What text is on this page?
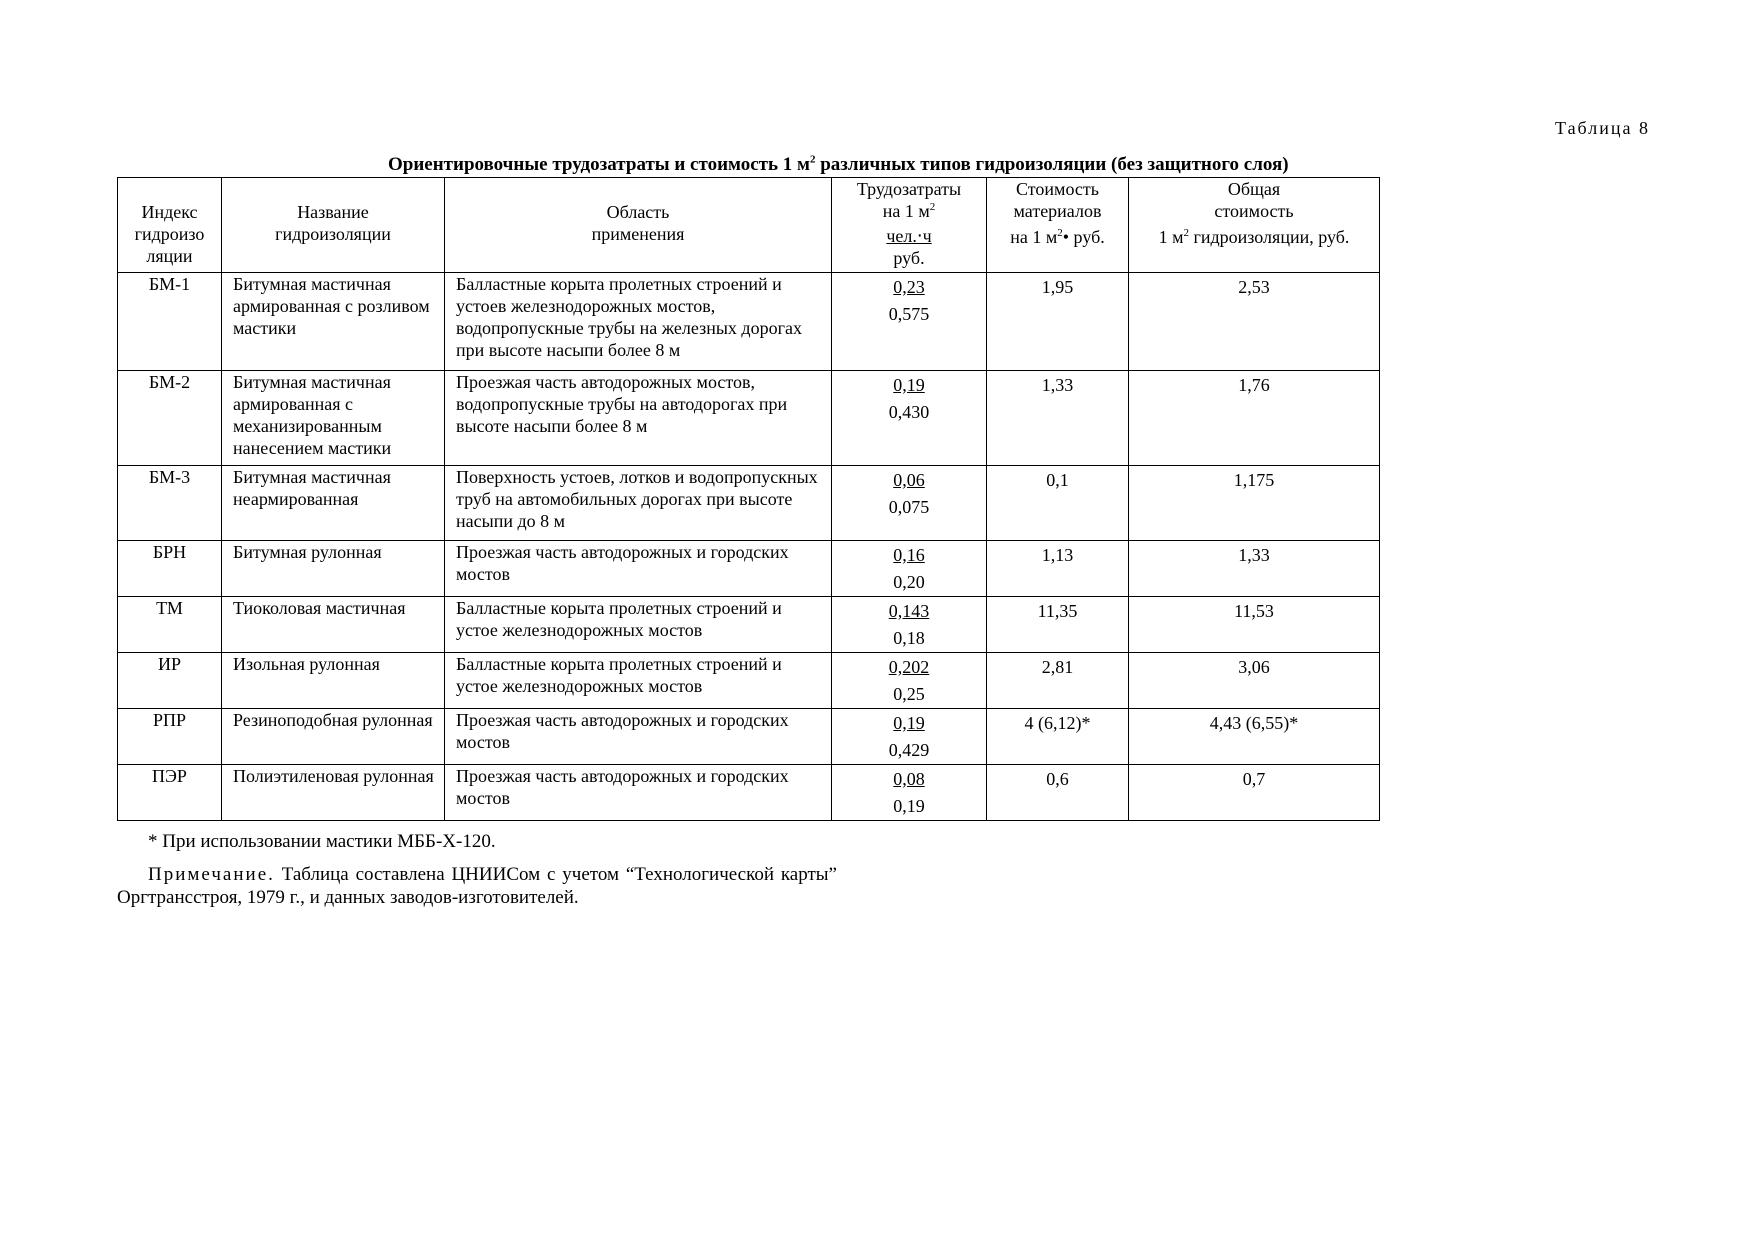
Таблица 8
Ориентировочные трудозатраты и стоимость 1 $м^2$ различных типов гидроизоляции (без защитного слоя)
Индекс
гидроизо
ляции	Название
гидроизоляции	Область
применения	Трудозатраты
на 1 $м^2$
чел.‧ч
руб.	Стоимость
материалов
на 1 $м^2•$ руб.	Общая
стоимость
1 $м^2$ гидроизоляции, руб.

БМ-1	Битумная мастичная армированная с розливом мастики	Балластные корыта пролетных строений и устоев железнодорожных мостов, водопропускные трубы на железных дорогах при высоте насыпи более 8 м	0,23
0,575	1,95	2,53

БМ-2	Битумная мастичная армированная с механизированным нанесением мастики	Проезжая часть автодорожных мостов, водопропускные трубы на автодорогах при высоте насыпи более 8 м	0,19
0,430	1,33	1,76

БМ-3	Битумная мастичная неармированная	Поверхность устоев, лотков и водопропускных труб на автомобильных дорогах при высоте насыпи до 8 м	0,06
0,075	0,1	1,175

БРН	Битумная рулонная	Проезжая часть автодорожных и городских мостов	0,16
0,20	1,13	1,33

ТМ	Тиоколовая мастичная	Балластные корыта пролетных строений и устое железнодорожных мостов	0,143
0,18	11,35	11,53

ИР	Изольная рулонная	Балластные корыта пролетных строений и устое железнодорожных мостов	0,202
0,25	2,81	3,06

РПР	Резиноподобная рулонная	Проезжая часть автодорожных и городских мостов	0,19
0,429	4 (6,12)*	4,43 (6,55)*

ПЭР	Полиэтиленовая рулонная	Проезжая часть автодорожных и городских мостов	0,08
0,19	0,6	0,7

* При использовании мастики МББ-Х-120.

Примечание. Таблица составлена ЦНИИСом с учетом “Технологической карты” Оргтрансстроя, 1979 г., и данных заводов-изготовителей.
